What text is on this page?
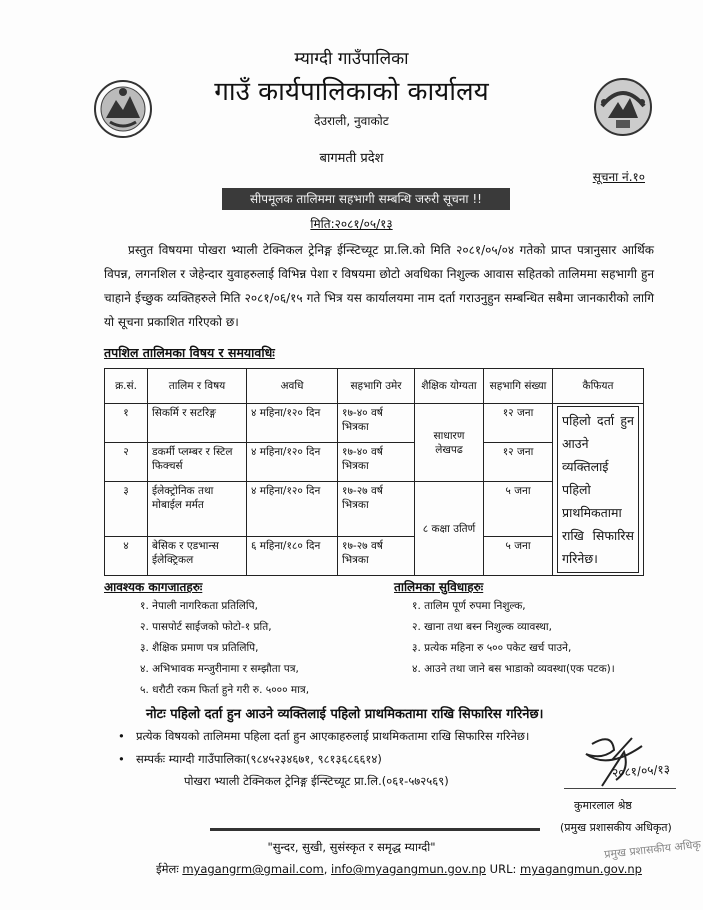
म्याग्दी गाउँपालिका
गाउँ कार्यपालिकाको कार्यालय
देउराली, नुवाकोट
बागमती प्रदेश
सूचना नं.१०
सीपमूलक तालिममा सहभागी सम्बन्धि जरुरी सूचना !!
मिति:२०८१/०५/१३
प्रस्तुत विषयमा पोखरा भ्याली टेक्निकल ट्रेनिङ्ग ईन्स्टिच्यूट प्रा.लि.को मिति २०८१/०५/०४ गतेको प्राप्त पत्रानुसार आर्थिक विपन्न, लगनशिल र जेहेन्दार युवाहरुलाई विभिन्न पेशा र विषयमा छोटो अवधिका निशुल्क आवास सहितको तालिममा सहभागी हुन चाहाने ईच्छुक व्यक्तिहरुले मिति २०८१/०६/१५ गते भित्र यस कार्यालयमा नाम दर्ता गराउनुहुन सम्बन्धित सबैमा जानकारीको लागि यो सूचना प्रकाशित गरिएको छ।
तपशिल तालिमका विषय र समयावधिः
क्र.सं.	तालिम र विषय	अवधि	सहभागि उमेर	शैक्षिक योग्यता	सहभागि संख्या	कैफियत
१	सिकर्मि र सटरिङ्ग	४ महिना/१२० दिन	१७-४० वर्ष भित्रका	साधारण लेखपढ	१२ जना	पहिलो दर्ता हुन आउने व्यक्तिलाई पहिलो प्राथमिकतामा राखि सिफारिस गरिनेछ।

२	डकर्मी प्लम्बर र स्टिल फिक्चर्स	४ महिना/१२० दिन	१७-४० वर्ष भित्रका		१२ जना	
३	ईलेक्ट्रोनिक तथा मोबाईल मर्मत	४ महिना/१२० दिन	१७-२७ वर्ष भित्रका	८ कक्षा उतिर्ण	५ जना	
४	बेसिक र एडभान्स ईलेक्ट्रिकल	६ महिना/१८० दिन	१७-२७ वर्ष भित्रका		५ जना	
आवश्यक कागजातहरुः
१. नेपाली नागरिकता प्रतिलिपि,
२. पासपोर्ट साईजको फोटो-१ प्रति,
३. शैक्षिक प्रमाण पत्र प्रतिलिपि,
४. अभिभावक मन्जुरीनामा र सम्झौता पत्र,
५. धरौटी रकम फिर्ता हुने गरी रु. ५००० मात्र,
तालिमका सुविधाहरुः
१. तालिम पूर्ण रुपमा निशुल्क,
२. खाना तथा बस्न निशुल्क व्यावस्था,
३. प्रत्येक महिना रु ५०० पकेट खर्च पाउने,
४. आउने तथा जाने बस भाडाको व्यवस्था(एक पटक)।
नोटः पहिलो दर्ता हुन आउने व्यक्तिलाई पहिलो प्राथमिकतामा राखि सिफारिस गरिनेछ।
• प्रत्येक विषयको तालिममा पहिला दर्ता हुन आएकाहरुलाई प्राथमिकतामा राखि सिफारिस गरिनेछ।
• सम्पर्कः म्याग्दी गाउँपालिका(९८४५२३४६७१, ९८१३६८६६१४)
पोखरा भ्याली टेक्निकल ट्रेनिङ्ग ईन्स्टिच्यूट प्रा.लि.(०६१-५७२५६९)
२०८१/०५/१३
कुमारलाल श्रेष्ठ
(प्रमुख प्रशासकीय अधिकृत)
"सुन्दर, सुखी, सुसंस्कृत र समृद्ध म्याग्दी"
ईमेलः myagangrm@gmail.com, info@myagangmun.gov.np URL: myagangmun.gov.np
प्रमुख प्रशासकीय अधिकृ
